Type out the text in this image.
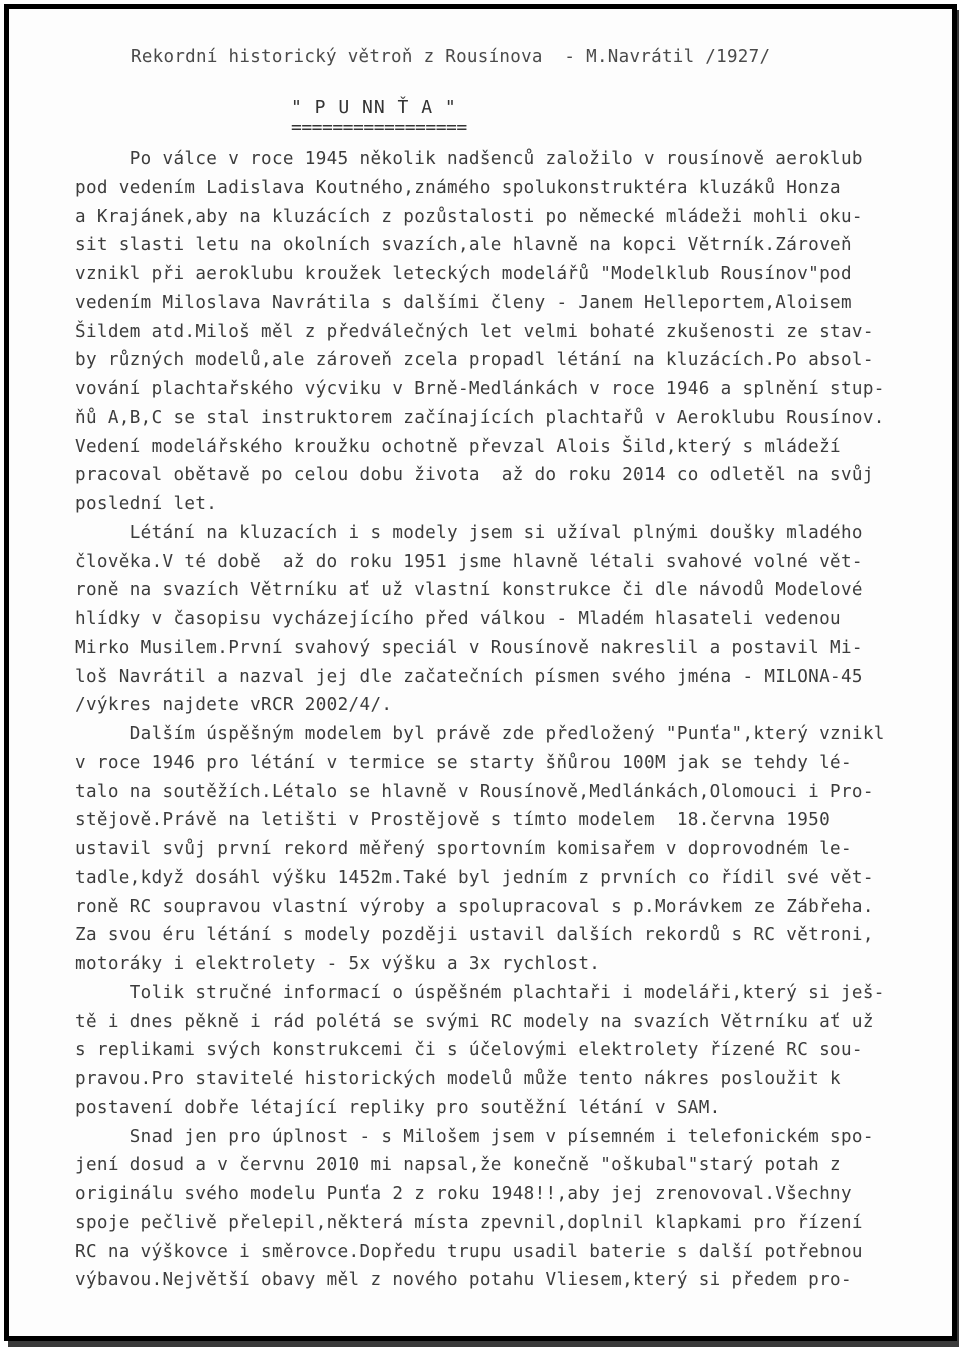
Rekordní historický větroň z Rousínova  - M.Navrátil /1927/
" P U NN Ť A "
=================
Po válce v roce 1945 několik nadšenců založilo v rousínově aeroklub
pod vedením Ladislava Koutného,známého spolukonstruktéra kluzáků Honza
a Krajánek,aby na kluzácích z pozůstalosti po německé mládeži mohli oku-
sit slasti letu na okolních svazích,ale hlavně na kopci Větrník.Zároveň
vznikl při aeroklubu kroužek leteckých modelářů "Modelklub Rousínov"pod
vedením Miloslava Navrátila s dalšími členy - Janem Helleportem,Aloisem
Šildem atd.Miloš měl z předválečných let velmi bohaté zkušenosti ze stav-
by různých modelů,ale zároveň zcela propadl létání na kluzácích.Po absol-
vování plachtařského výcviku v Brně-Medlánkách v roce 1946 a splnění stup-
ňů A,B,C se stal instruktorem začínajících plachtařů v Aeroklubu Rousínov.
Vedení modelářského kroužku ochotně převzal Alois Šild,který s mládeží
pracoval obětavě po celou dobu života  až do roku 2014 co odletěl na svůj
poslední let.
Létání na kluzacích i s modely jsem si užíval plnými doušky mladého
člověka.V té době  až do roku 1951 jsme hlavně létali svahové volné vět-
roně na svazích Větrníku ať už vlastní konstrukce či dle návodů Modelové
hlídky v časopisu vycházejícího před válkou - Mladém hlasateli vedenou
Mirko Musilem.První svahový speciál v Rousínově nakreslil a postavil Mi-
loš Navrátil a nazval jej dle začatečních písmen svého jména - MILONA-45
/výkres najdete vRCR 2002/4/.
Dalším úspěšným modelem byl právě zde předložený "Punťa",který vznikl
v roce 1946 pro létání v termice se starty šňůrou 100M jak se tehdy lé-
talo na soutěžích.Létalo se hlavně v Rousínově,Medlánkách,Olomouci i Pro-
stějově.Právě na letišti v Prostějově s tímto modelem  18.června 1950
ustavil svůj první rekord měřený sportovním komisařem v doprovodném le-
tadle,když dosáhl výšku 1452m.Také byl jedním z prvních co řídil své vět-
roně RC soupravou vlastní výroby a spolupracoval s p.Morávkem ze Zábřeha.
Za svou éru létání s modely později ustavil dalších rekordů s RC větroni,
motoráky i elektrolety - 5x výšku a 3x rychlost.
Tolik stručné informací o úspěšném plachtaři i modeláři,který si ješ-
tě i dnes pěkně i rád polétá se svými RC modely na svazích Větrníku ať už
s replikami svých konstrukcemi či s účelovými elektrolety řízené RC sou-
pravou.Pro stavitelé historických modelů může tento nákres posloužit k
postavení dobře létající repliky pro soutěžní létání v SAM.
Snad jen pro úplnost - s Milošem jsem v písemném i telefonickém spo-
jení dosud a v červnu 2010 mi napsal,že konečně "oškubal"starý potah z
originálu svého modelu Punťa 2 z roku 1948!!,aby jej zrenovoval.Všechny
spoje pečlivě přelepil,některá místa zpevnil,doplnil klapkami pro řízení
RC na výškovce i směrovce.Dopředu trupu usadil baterie s další potřebnou
výbavou.Největší obavy měl z nového potahu Vliesem,který si předem pro-
